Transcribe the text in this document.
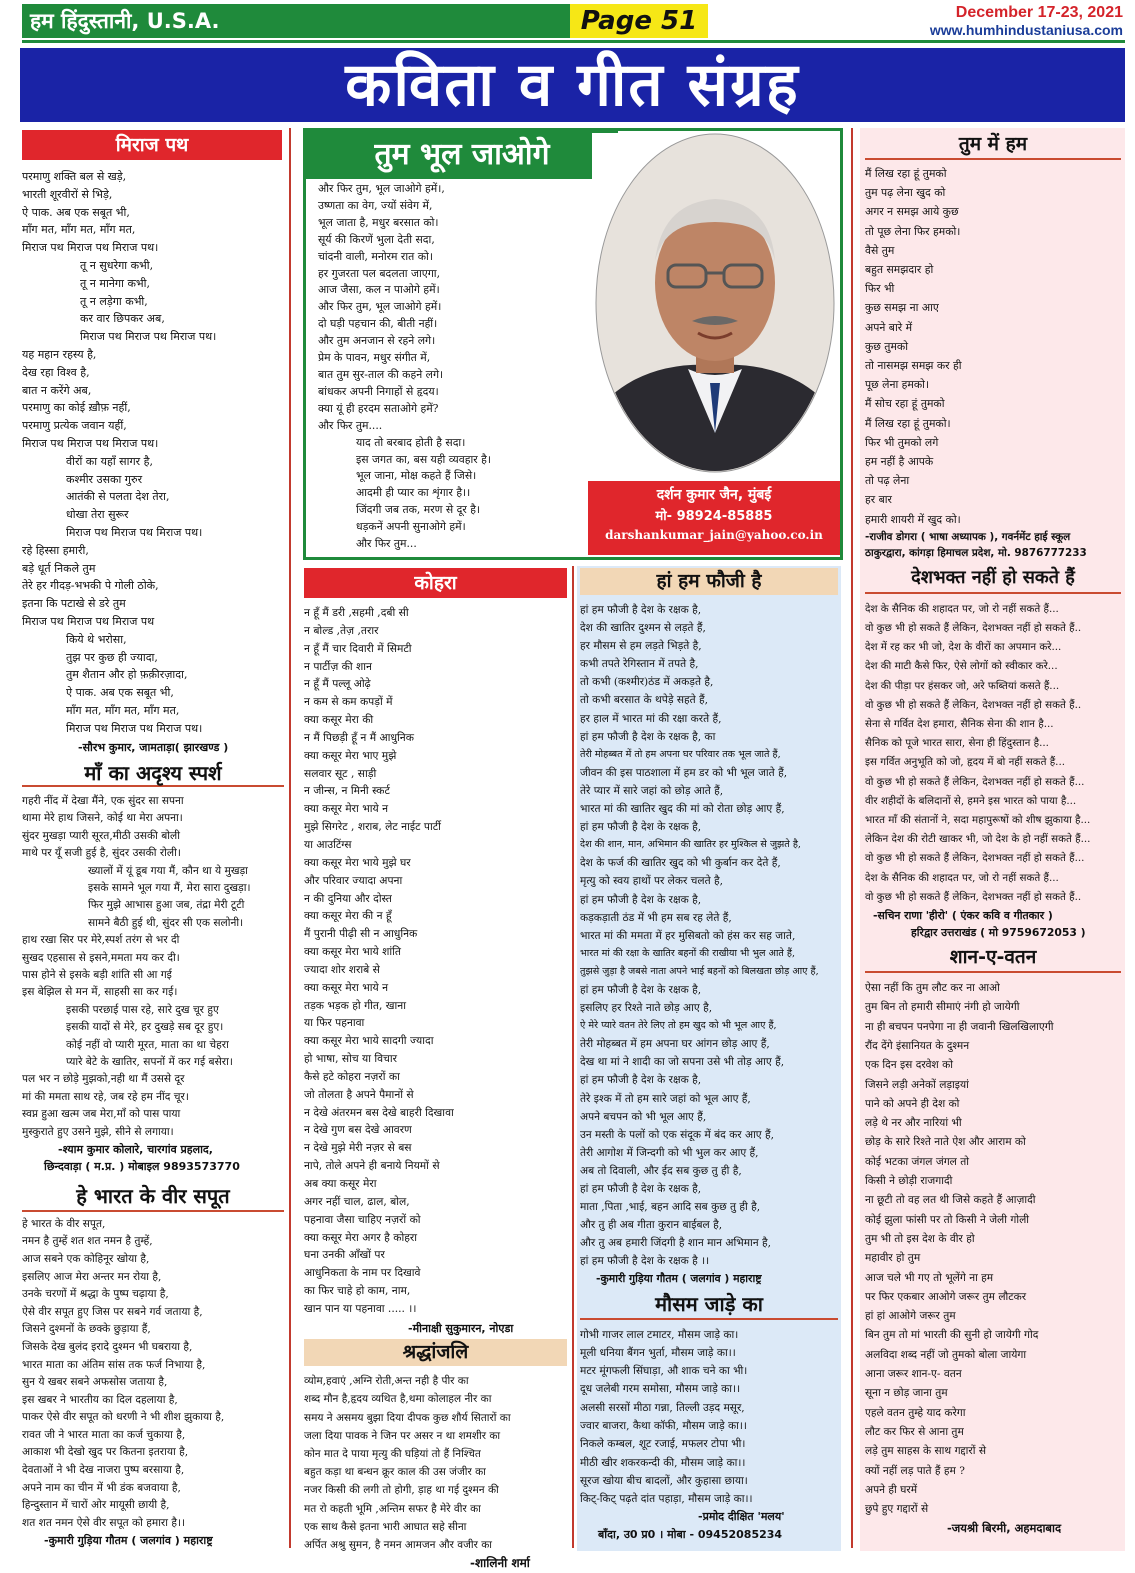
हम हिंदुस्तानी, U.S.A.	Page 51	December 17-23, 2021
www.humhindustaniusa.com
कविता व गीत संग्रह
मिराज पथ
परमाणु शक्ति बल से खड़े,
भारती शूरवीरों से भिड़े,
ऐ पाक. अब एक सबूत भी,
माँग मत, माँग मत, माँग मत,
मिराज पथ मिराज पथ मिराज पथ।
तू न सुधरेगा कभी,
तू न मानेगा कभी,
तू न लड़ेगा कभी,
कर वार छिपकर अब,
मिराज पथ मिराज पथ मिराज पथ।
यह महान रहस्य है,
देख रहा विश्व है,
बात न करेंगे अब,
परमाणु का कोई ख़ौफ़ नहीं,
परमाणु प्रत्येक जवान यहीं,
मिराज पथ मिराज पथ मिराज पथ।
वीरों का यहाँ सागर है,
कश्मीर उसका गुरुर
आतंकी से पलता देश तेरा,
धोखा तेरा सुरूर
मिराज पथ मिराज पथ मिराज पथ।
रहे हिस्सा हमारी,
बड़े धूर्त निकले तुम
तेरे हर गीदड़-भभकी पे गोली ठोके,
इतना कि पटाखे से डरे तुम
मिराज पथ मिराज पथ मिराज पथ
किये थे भरोसा,
तुझ पर कुछ ही ज्यादा,
तुम शैतान और हो फ़क़ीरज़ादा,
ऐ पाक. अब एक सबूत भी,
माँग मत, माँग मत, माँग मत,
मिराज पथ मिराज पथ मिराज पथ।
-सौरभ कुमार, जामताड़ा( झारखण्ड )
माँ का अदृश्य स्पर्श
गहरी नींद में देखा मैंने, एक सुंदर सा सपना
थामा मेरे हाथ जिसने, कोई था मेरा अपना।
सुंदर मुखड़ा प्यारी सूरत,मीठी उसकी बोली
माथे पर यूँ सजी हुई है, सुंदर उसकी रोली।
ख्यालों में यूं डूब गया मैं, कौन था ये मुखड़ा
इसके सामने भूल गया मैं, मेरा सारा दुखड़ा।
फिर मुझे आभास हुआ जब, तंद्रा मेरी टूटी
सामने बैठी हुई थी, सुंदर सी एक सलोनी।
हाथ रखा सिर पर मेरे,स्पर्श तरंग से भर दी
सुखद एहसास से इसने,ममता मय कर दी।
पास होने से इसके बड़ी शांति सी आ गई
इस बेझिल से मन में, साहसी सा कर गई।
इसकी परछाई पास रहे, सारे दुख चूर हुए
इसकी यादों से मेरे, हर दुखड़े सब दूर हुए।
कोई नहीं वो प्यारी मूरत, माता का था चेहरा
प्यारे बेटे के खातिर, सपनों में कर गई बसेरा।
पल भर न छोड़े मुझको,नही था मैं उससे दूर
मां की ममता साथ रहे, जब रहे हम नींद चूर।
स्वप्न हुआ खत्म जब मेरा,माँ को पास पाया
मुस्कुराते हुए उसने मुझे, सीने से लगाया।
-श्याम कुमार कोलारे, चारगांव प्रहलाद,
छिन्दवाड़ा ( म.प्र. ) मोबाइल 9893573770
हे भारत के वीर सपूत
हे भारत के वीर सपूत,
नमन है तुम्हें शत शत नमन है तुम्हें,
आज सबने एक कोहिनूर खोया है,
इसलिए आज मेरा अन्तर मन रोया है,
उनके चरणों में श्रद्धा के पुष्प चढ़ाया है,
ऐसे वीर सपूत हुए जिस पर सबने गर्व जताया है,
जिसने दुश्मनों के छक्के छुड़ाया हैं,
जिसके देख बुलंद इरादे दुश्मन भी घबराया है,
भारत माता का अंतिम सांस तक फर्ज निभाया है,
सुन ये खबर सबने अफसोस जताया है,
इस खबर ने भारतीय का दिल दहलाया है,
पाकर ऐसे वीर सपूत को धरणी ने भी शीश झुकाया है,
रावत जी ने भारत माता का कर्ज चुकाया है,
आकाश भी देखो खुद पर कितना इतराया है,
देवताओं ने भी देख नाजरा पुष्प बरसाया है,
अपने नाम का चीन में भी डंक बजवाया है,
हिन्दुस्तान में चारों ओर मायूसी छायी है,
शत शत नमन ऐसे वीर सपूत को हमारा है।।
-कुमारी गुड़िया गौतम ( जलगांव ) महाराष्ट्र
तुम भूल जाओगे
और फिर तुम, भूल जाओगे हमें।,
उष्णता का वेग, ज्यों संवेग में,
भूल जाता है, मधुर बरसात को।
सूर्य की किरणें भुला देती सदा,
चांदनी वाली, मनोरम रात को।
हर गुजरता पल बदलता जाएगा,
आज जैसा, कल न पाओगे हमें।
और फिर तुम, भूल जाओगे हमें।
दो घड़ी पहचान की, बीती नहीं।
और तुम अनजान से रहने लगे।
प्रेम के पावन, मधुर संगीत में,
बात तुम सुर-ताल की कहने लगे।
बांधकर अपनी निगाहों से हृदय।
क्या यूं ही हरदम सताओगे हमें?
और फिर तुम....
याद तो बरबाद होती है सदा।
इस जगत का, बस यही व्यवहार है।
भूल जाना, मोक्ष कहते हैं जिसे।
आदमी ही प्यार का शृंगार है।।
जिंदगी जब तक, मरण से दूर है।
धड़कनें अपनी सुनाओगे हमें।
और फिर तुम...
दर्शन कुमार जैन, मुंबई
मो- 98924-85885
darshankumar_jain@yahoo.co.in
कोहरा
न हूँ मैं डरी ,सहमी ,दबी सी
न बोल्ड ,तेज़ ,तरार
न हूँ मैं चार दिवारी में सिमटी
न पार्टीज़ की शान
न हूँ मैं पल्लू ओढ़े
न कम से कम कपड़ों में
क्या कसूर मेरा की
न मैं पिछड़ी हूँ न मैं आधुनिक
क्या कसूर मेरा भाए मुझे
सलवार सूट , साड़ी
न जीन्स, न मिनी स्कर्ट
क्या कसूर मेरा भाये न
मुझे सिगरेट , शराब, लेट नाईट पार्टी
या आउटिंग्स
क्या कसूर मेरा भाये मुझे घर
और परिवार ज्यादा अपना
न की दुनिया और दोस्त
क्या कसूर मेरा की न हूँ
मैं पुरानी पीढ़ी सी न आधुनिक
क्या कसूर मेरा भाये शांति
ज्यादा शोर शराबे से
क्या कसूर मेरा भाये न
तड़क भड़क हो गीत, खाना
या फिर पहनावा
क्या कसूर मेरा भाये सादगी ज्यादा
हो भाषा, सोच या विचार
कैसे हटे कोहरा नज़रों का
जो तोलता है अपने पैमानों से
न देखे अंतरमन बस देखे बाहरी दिखावा
न देखे गुण बस देखे आवरण
न देखे मुझे मेरी नज़र से बस
नापे, तोले अपने ही बनाये नियमों से
अब क्या कसूर मेरा
अगर नहीं चाल, ढाल, बोल,
पहनावा जैसा चाहिए नज़रों को
क्या कसूर मेरा अगर है कोहरा
घना उनकी आँखों पर
आधुनिकता के नाम पर दिखावे
का फिर चाहे हो काम, नाम,
खान पान या पहनावा ..... ।।
-मीनाक्षी सुकुमारन, नोएडा
श्रद्धांजलि
व्योम,हवाएं ,अग्नि रोती,अन्त नही है पीर का
शब्द मौन है,हृदय व्यथित है,थमा कोलाहल नीर का
समय ने असमय बुझा दिया दीपक कुछ शौर्य सितारों का
जला दिया पावक ने जिन पर असर न था शमशीर का
कोन मात दे पाया मृत्यु की घड़ियां तो हैं निश्चित
बहुत कड़ा था बन्धन क्रूर काल की उस जंजीर का
नजर किसी की लगी तो होगी, ड़ाह था गई दुश्मन की
मत रो कहती भूमि ,अन्तिम सफर है मेरे वीर का
एक साथ कैसे इतना भारी आघात सहे सीना
अर्पित अश्रु सुमन, है नमन आमजन और वजीर का
-शालिनी शर्मा
हां हम फौजी है
हां हम फौजी है देश के रक्षक है,
देश की खातिर दुश्मन से लड़ते हैं,
हर मौसम से हम लड़ते भिड़ते है,
कभी तपते रेगिस्तान में तपते है,
तो कभी (कश्मीर)ठंड में अकड़ते है,
तो कभी बरसात के थपेड़े सहते हैं,
हर हाल में भारत मां की रक्षा करते हैं,
हां हम फौजी है देश के रक्षक है, का
तेरी मोहब्बत में तो हम अपना घर परिवार तक भूल जाते हैं,
जीवन की इस पाठशाला में हम डर को भी भूल जाते हैं,
तेरे प्यार में सारे जहां को छोड़ आते हैं,
भारत मां की खातिर खुद की मां को रोता छोड़ आए हैं,
हां हम फौजी है देश के रक्षक है,
देश की शान, मान, अभिमान की खातिर हर मुश्किल से जुझते है,
देश के फर्ज की खातिर खुद को भी कुर्बान कर देते हैं,
मृत्यु को स्वय हाथों पर लेकर चलते है,
हां हम फौजी है देश के रक्षक है,
कड़कड़ाती ठंड में भी हम सब रह लेते हैं,
भारत मां की ममता में हर मुसिबतो को हंस कर सह जाते,
भारत मां की रक्षा के खातिर बहनों की राखीया भी भुल आते हैं,
तुझसे जुड़ा है जबसे नाता अपने भाई बहनों को बिलखता छोड़ आए हैं,
हां हम फौजी है देश के रक्षक है,
इसलिए हर रिश्ते नाते छोड़ आए है,
ऐ मेरे प्यारे वतन तेरे लिए तो हम खुद को भी भूल आए हैं,
तेरी मोहब्बत में हम अपना घर आंगन छोड़ आए हैं,
देख था मां ने शादी का जो सपना उसे भी तोड़ आए हैं,
हां हम फौजी है देश के रक्षक है,
तेरे इश्क में तो हम सारे जहां को भूल आए हैं,
अपने बचपन को भी भूल आए हैं,
उन मस्ती के पलों को एक संदूक में बंद कर आए हैं,
तेरी आगोश में जिन्दगी को भी भुल कर आए हैं,
अब तो दिवाली, और ईद सब कुछ तु ही है,
हां हम फौजी है देश के रक्षक है,
माता ,पिता ,भाई, बहन आदि सब कुछ तु ही है,
और तु ही अब गीता कुरान बाईबल है,
और तु अब हमारी जिंदगी है शान मान अभिमान है,
हां हम फौजी है देश के रक्षक है ।।
-कुमारी गुड़िया गौतम ( जलगांव ) महाराष्ट्र
मौसम जाड़े का
गोभी गाजर लाल टमाटर, मौसम जाड़े का।
मूली धनिया बैंगन भुर्ता, मौसम जाड़े का।।
मटर मूंगफली सिंघाड़ा, औ शाक चने का भी।
दूध जलेबी गरम समोसा, मौसम जाड़े का।।
अलसी सरसों मीठा गन्ना, तिल्ली उड़द मसूर,
ज्वार बाजरा, कैथा कॉफी, मौसम जाड़े का।।
निकले कम्बल, शूट रजाई, मफलर टोपा भी।
मीठी खीर शकरकन्दी की, मौसम जाड़े का।।
सूरज खोया बीच बादलों, और कुहासा छाया।
किट्-किट् पढ़ते दांत पहाड़ा, मौसम जाड़े का।।
-प्रमोद दीक्षित 'मलय'
बाँदा, उ0 प्र0 । मोबा - 09452085234
तुम में हम
मैं लिख रहा हूं तुमको
तुम पढ़ लेना खुद को
अगर न समझ आये कुछ
तो पूछ लेना फिर हमको।
वैसे तुम
बहुत समझदार हो
फिर भी
कुछ समझ ना आए
अपने बारे में
कुछ तुमको
तो नासमझ समझ कर ही
पूछ लेना हमको।
मैं सोच रहा हूं तुमको
मैं लिख रहा हूं तुमको।
फिर भी तुमको लगे
हम नहीं है आपके
तो पढ़ लेना
हर बार
हमारी शायरी में खुद को।
-राजीव डोगरा ( भाषा अध्यापक ), गवर्नमेंट हाई स्कूल
ठाकुरद्वारा, कांगड़ा हिमाचल प्रदेश, मो. 9876777233
देशभक्त नहीं हो सकते हैं
देश के सैनिक की शहादत पर, जो रो नहीं सकते हैं...
वो कुछ भी हो सकते हैं लेकिन, देशभक्त नहीं हो सकते हैं..
देश में रह कर भी जो, देश के वीरों का अपमान करे...
देश की माटी कैसे फिर, ऐसे लोगों को स्वीकार करे...
देश की पीड़ा पर हंसकर जो, अरे फब्तियां कसते हैं...
वो कुछ भी हो सकते हैं लेकिन, देशभक्त नहीं हो सकते हैं..
सेना से गर्वित देश हमारा, सैनिक सेना की शान है...
सैनिक को पूजे भारत सारा, सेना ही हिंदुस्तान है...
इस गर्वित अनुभूति को जो, हृदय में बो नहीं सकते हैं...
वो कुछ भी हो सकते हैं लेकिन, देशभक्त नहीं हो सकते हैं...
वीर शहीदों के बलिदानों से, हमने इस भारत को पाया है...
भारत माँ की संतानों ने, सदा महापुरूषों को शीष झुकाया है...
लेकिन देश की रोटी खाकर भी, जो देश के हो नहीं सकते हैं...
वो कुछ भी हो सकते हैं लेकिन, देशभक्त नहीं हो सकते हैं...
देश के सैनिक की शहादत पर, जो रो नहीं सकते हैं...
वो कुछ भी हो सकते हैं लेकिन, देशभक्त नहीं हो सकते हैं..
-सचिन राणा 'हीरो' ( एंकर कवि व गीतकार )
हरिद्वार उत्तराखंड ( मो 9759672053 )
शान-ए-वतन
ऐसा नहीं कि तुम लौट कर ना आओ
तुम बिन तो हमारी सीमाएं नंगी हो जायेगी
ना ही बचपन पनपेगा ना ही जवानी खिलखिलाएगी
रौंद देंगे इंसानियत के दुश्मन
एक दिन इस दरवेश को
जिसने लड़ी अनेकों लड़ाइयां
पाने को अपने ही देश को
लड़े थे नर और नारियां भी
छोड़ के सारे रिश्ते नाते ऐश और आराम को
कोई भटका जंगल जंगल तो
किसी ने छोड़ी राजगादी
ना छूटी तो वह लत थी जिसे कहते हैं आज़ादी
कोई झुला फांसी पर तो किसी ने जेली गोली
तुम भी तो इस देश के वीर हो
महावीर हो तुम
आज चले भी गए तो भूलेंगे ना हम
पर फिर एकबार आओगे जरूर तुम लौटकर
हां हां आओगे जरूर तुम
बिन तुम तो मां भारती की सुनी हो जायेगी गोद
अलविदा शब्द नहीं जो तुमको बोला जायेगा
आना जरूर शान-ए- वतन
सूना न छोड़ जाना तुम
एहले वतन तुम्हे याद करेगा
लौट कर फिर से आना तुम
लड़े तुम साहस के साथ गद्दारों से
क्यों नहीं लड़ पाते हैं हम ?
अपने ही घरमें
छुपे हुए गद्दारों से
-जयश्री बिरमी, अहमदाबाद
